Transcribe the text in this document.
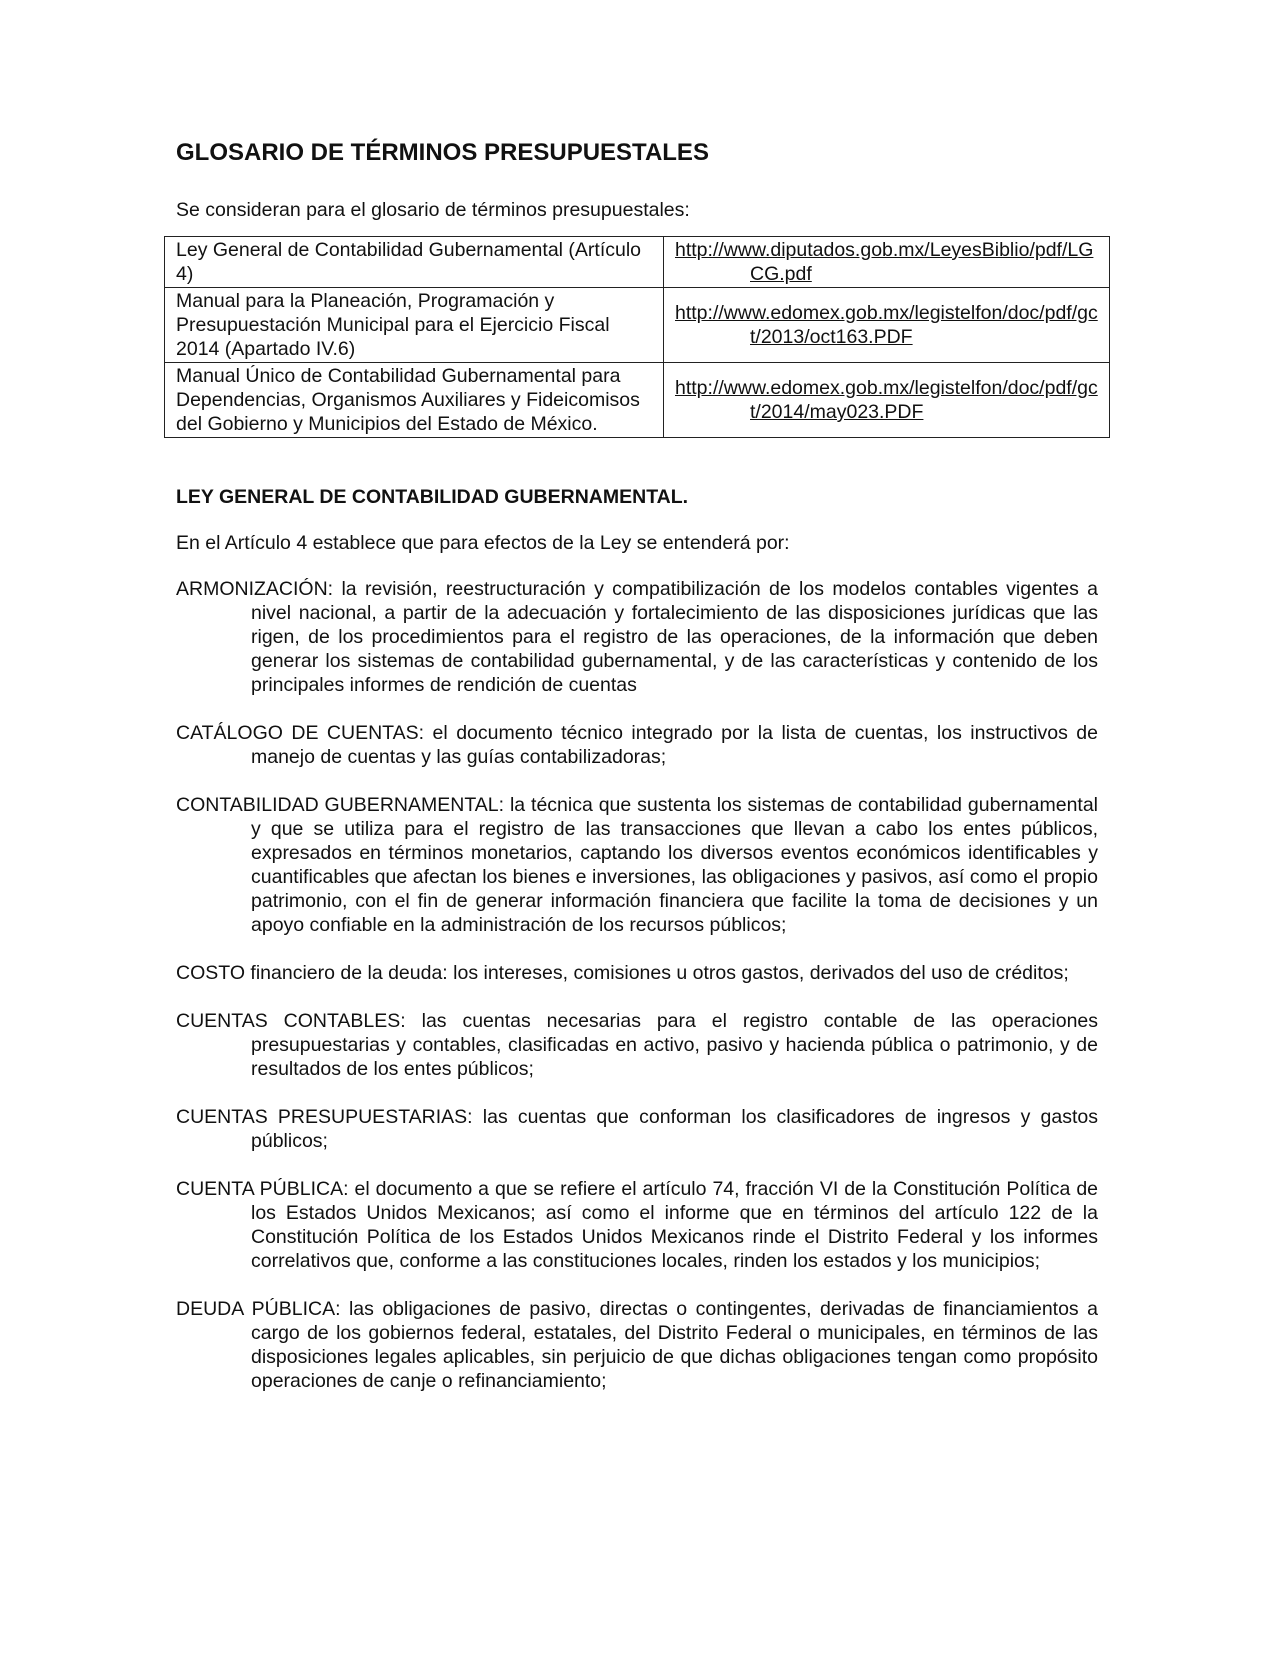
GLOSARIO DE TÉRMINOS PRESUPUESTALES

Se consideran para el glosario de términos presupuestales:

Ley General de Contabilidad Gubernamental (Artículo 4)	http://www.diputados.gob.mx/LeyesBiblio/pdf/LGCG.pdf

Manual para la Planeación, Programación y Presupuestación Municipal para el Ejercicio Fiscal 2014 (Apartado IV.6)	http://www.edomex.gob.mx/legistelfon/doc/pdf/gct/2013/oct163.PDF

Manual Único de Contabilidad Gubernamental para Dependencias, Organismos Auxiliares y Fideicomisos del Gobierno y Municipios del Estado de México.	http://www.edomex.gob.mx/legistelfon/doc/pdf/gct/2014/may023.PDF
LEY GENERAL DE CONTABILIDAD GUBERNAMENTAL.

En el Artículo 4 establece que para efectos de la Ley se entenderá por:

ARMONIZACIÓN: la revisión, reestructuración y compatibilización de los modelos contables vigentes a nivel nacional, a partir de la adecuación y fortalecimiento de las disposiciones jurídicas que las rigen, de los procedimientos para el registro de las operaciones, de la información que deben generar los sistemas de contabilidad gubernamental, y de las características y contenido de los principales informes de rendición de cuentas

CATÁLOGO DE CUENTAS: el documento técnico integrado por la lista de cuentas, los instructivos de manejo de cuentas y las guías contabilizadoras;

CONTABILIDAD GUBERNAMENTAL: la técnica que sustenta los sistemas de contabilidad gubernamental y que se utiliza para el registro de las transacciones que llevan a cabo los entes públicos, expresados en términos monetarios, captando los diversos eventos económicos identificables y cuantificables que afectan los bienes e inversiones, las obligaciones y pasivos, así como el propio patrimonio, con el fin de generar información financiera que facilite la toma de decisiones y un apoyo confiable en la administración de los recursos públicos;

COSTO financiero de la deuda: los intereses, comisiones u otros gastos, derivados del uso de créditos;

CUENTAS CONTABLES: las cuentas necesarias para el registro contable de las operaciones presupuestarias y contables, clasificadas en activo, pasivo y hacienda pública o patrimonio, y de resultados de los entes públicos;

CUENTAS PRESUPUESTARIAS: las cuentas que conforman los clasificadores de ingresos y gastos públicos;

CUENTA PÚBLICA: el documento a que se refiere el artículo 74, fracción VI de la Constitución Política de los Estados Unidos Mexicanos; así como el informe que en términos del artículo 122 de la Constitución Política de los Estados Unidos Mexicanos rinde el Distrito Federal y los informes correlativos que, conforme a las constituciones locales, rinden los estados y los municipios;

DEUDA PÚBLICA: las obligaciones de pasivo, directas o contingentes, derivadas de financiamientos a cargo de los gobiernos federal, estatales, del Distrito Federal o municipales, en términos de las disposiciones legales aplicables, sin perjuicio de que dichas obligaciones tengan como propósito operaciones de canje o refinanciamiento;
